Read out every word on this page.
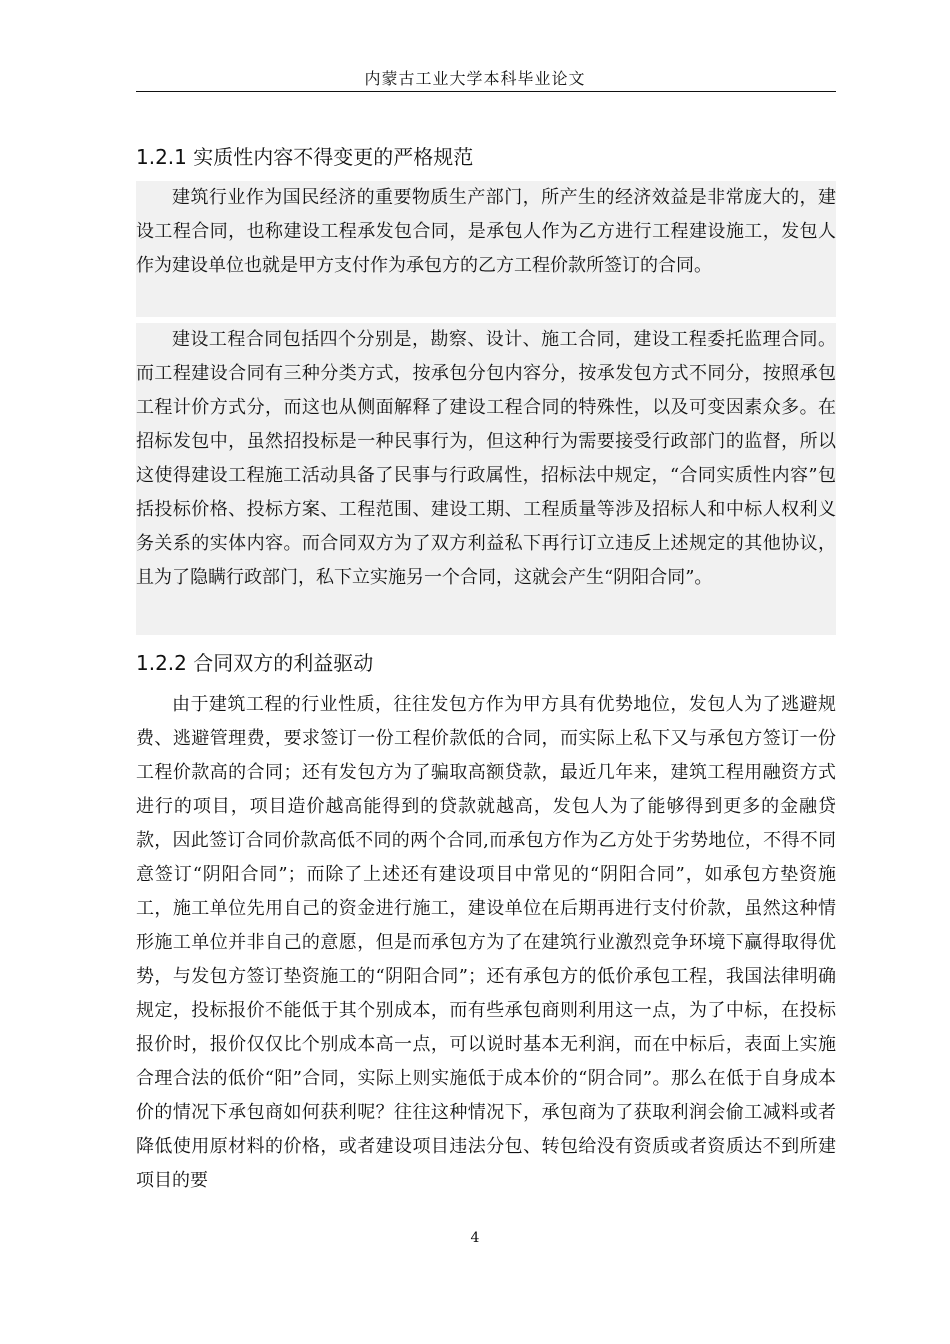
内蒙古工业大学本科毕业论文
1.2.1 实质性内容不得变更的严格规范
建筑行业作为国民经济的重要物质生产部门，所产生的经济效益是非常庞大的，建设工程合同，也称建设工程承发包合同，是承包人作为乙方进行工程建设施工，发包人作为建设单位也就是甲方支付作为承包方的乙方工程价款所签订的合同。
建设工程合同包括四个分别是，勘察、设计、施工合同，建设工程委托监理合同。而工程建设合同有三种分类方式，按承包分包内容分，按承发包方式不同分，按照承包工程计价方式分，而这也从侧面解释了建设工程合同的特殊性，以及可变因素众多。在招标发包中，虽然招投标是一种民事行为，但这种行为需要接受行政部门的监督，所以这使得建设工程施工活动具备了民事与行政属性，招标法中规定，“合同实质性内容”包括投标价格、投标方案、工程范围、建设工期、工程质量等涉及招标人和中标人权利义务关系的实体内容。而合同双方为了双方利益私下再行订立违反上述规定的其他协议，且为了隐瞒行政部门，私下立实施另一个合同，这就会产生“阴阳合同”。
1.2.2 合同双方的利益驱动
由于建筑工程的行业性质，往往发包方作为甲方具有优势地位，发包人为了逃避规费、逃避管理费，要求签订一份工程价款低的合同，而实际上私下又与承包方签订一份工程价款高的合同；还有发包方为了骗取高额贷款，最近几年来，建筑工程用融资方式进行的项目，项目造价越高能得到的贷款就越高，发包人为了能够得到更多的金融贷款，因此签订合同价款高低不同的两个合同,而承包方作为乙方处于劣势地位，不得不同意签订“阴阳合同”；而除了上述还有建设项目中常见的“阴阳合同”，如承包方垫资施工，施工单位先用自己的资金进行施工，建设单位在后期再进行支付价款，虽然这种情形施工单位并非自己的意愿，但是而承包方为了在建筑行业激烈竞争环境下赢得取得优势，与发包方签订垫资施工的“阴阳合同”；还有承包方的低价承包工程，我国法律明确规定，投标报价不能低于其个别成本，而有些承包商则利用这一点，为了中标，在投标报价时，报价仅仅比个别成本高一点，可以说时基本无利润，而在中标后，表面上实施合理合法的低价“阳”合同，实际上则实施低于成本价的“阴合同”。那么在低于自身成本价的情况下承包商如何获利呢？往往这种情况下，承包商为了获取利润会偷工减料或者降低使用原材料的价格，或者建设项目违法分包、转包给没有资质或者资质达不到所建项目的要
4
